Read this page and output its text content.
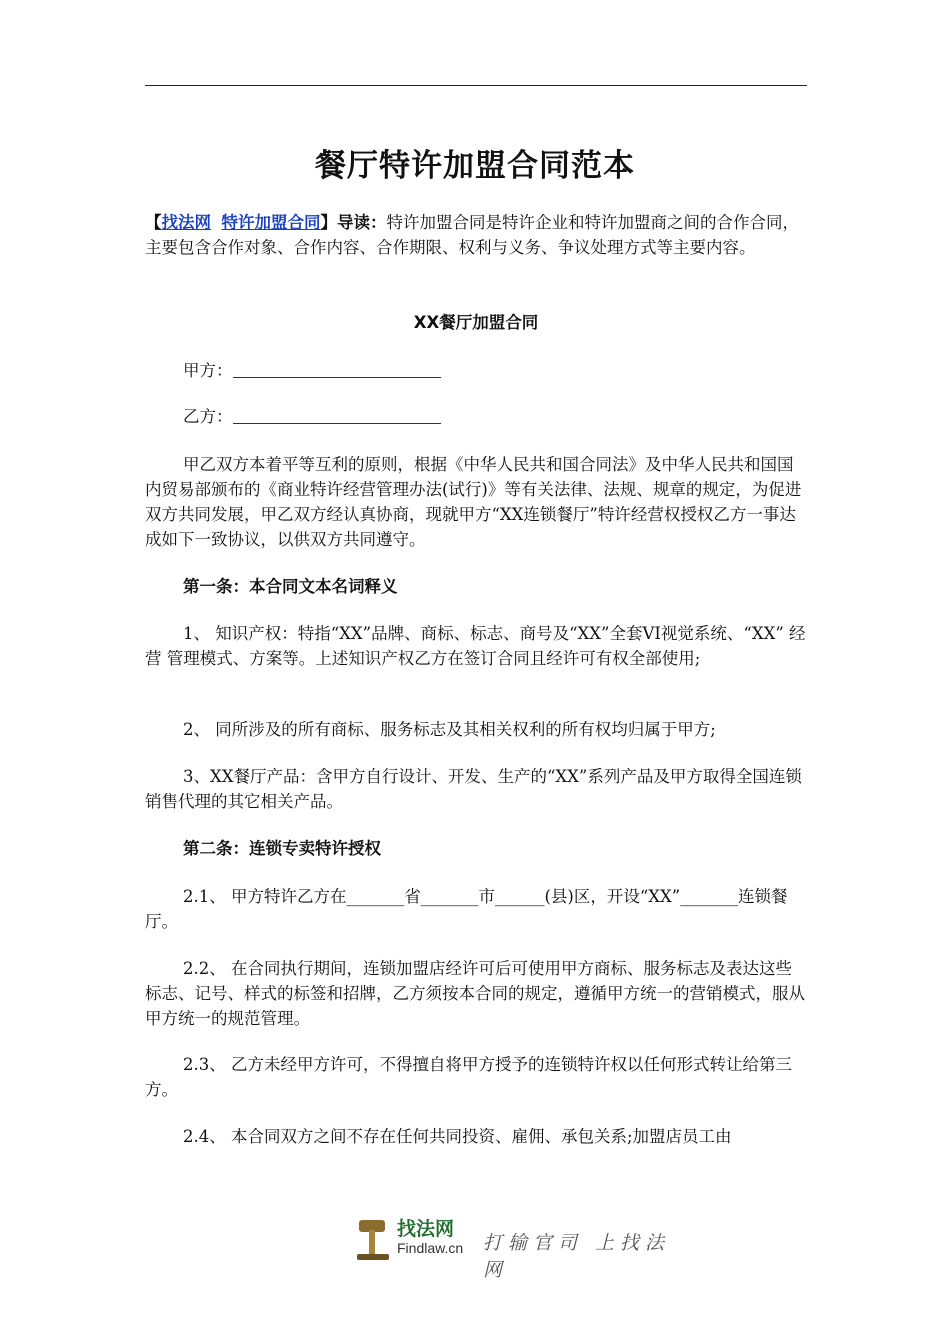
餐厅特许加盟合同范本

【找法网 特许加盟合同】导读：特许加盟合同是特许企业和特许加盟商之间的合作合同，主要包含合作对象、合作内容、合作期限、权利与义务、争议处理方式等主要内容。

XX餐厅加盟合同

甲方：

乙方：

甲乙双方本着平等互利的原则，根据《中华人民共和国合同法》及中华人民共和国国内贸易部颁布的《商业特许经营管理办法(试行)》等有关法律、法规、规章的规定，为促进双方共同发展，甲乙双方经认真协商，现就甲方“XX连锁餐厅”特许经营权授权乙方一事达成如下一致协议，以供双方共同遵守。

第一条：本合同文本名词释义

1、 知识产权：特指“XX”品牌、商标、标志、商号及“XX”全套VI视觉系统、“XX” 经 营 管理模式、方案等。上述知识产权乙方在签订合同且经许可有权全部使用;

2、 同所涉及的所有商标、服务标志及其相关权利的所有权均归属于甲方;

3、XX餐厅产品：含甲方自行设计、开发、生产的“XX”系列产品及甲方取得全国连锁销售代理的其它相关产品。

第二条：连锁专卖特许授权

2.1、 甲方特许乙方在_______省_______市______(县)区，开设“XX”_______连锁餐厅。

2.2、 在合同执行期间，连锁加盟店经许可后可使用甲方商标、服务标志及表达这些标志、记号、样式的标签和招牌，乙方须按本合同的规定，遵循甲方统一的营销模式，服从甲方统一的规范管理。

2.3、 乙方未经甲方许可，不得擅自将甲方授予的连锁特许权以任何形式转让给第三方。

2.4、 本合同双方之间不存在任何共同投资、雇佣、承包关系;加盟店员工由

找法网
Findlaw.cn 打输官司 上找法网
